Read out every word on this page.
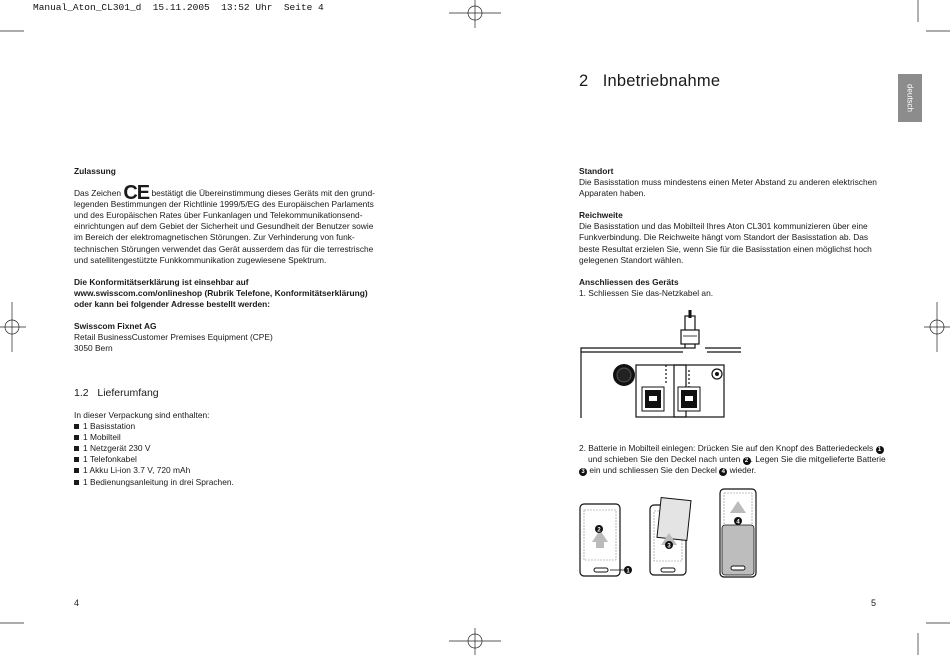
Manual_Aton_CL301_d  15.11.2005  13:52 Uhr  Seite 4
deutsch
Zulassung
Das Zeichen CE bestätigt die Übereinstimmung dieses Geräts mit den grund-
legenden Bestimmungen der Richtlinie 1999/5/EG des Europäischen Parlaments
und des Europäischen Rates über Funkanlagen und Telekommunikationsend-
einrichtungen auf dem Gebiet der Sicherheit und Gesundheit der Benutzer sowie
im Bereich der elektromagnetischen Störungen. Zur Verhinderung von funk-
technischen Störungen verwendet das Gerät ausserdem das für die terrestrische
und satellitengestützte Funkkommunikation zugewiesene Spektrum.
Die Konformitätserklärung ist einsehbar auf
www.swisscom.com/onlineshop (Rubrik Telefone, Konformitätserklärung)
oder kann bei folgender Adresse bestellt werden:
Swisscom Fixnet AG
Retail BusinessCustomer Premises Equipment (CPE)
3050 Bern
1.2   Lieferumfang
In dieser Verpackung sind enthalten:
1 Basisstation
1 Mobilteil
1 Netzgerät 230 V
1 Telefonkabel
1 Akku Li-ion 3.7 V, 720 mAh
1 Bedienungsanleitung in drei Sprachen.
4
2   Inbetriebnahme
Standort
Die Basisstation muss mindestens einen Meter Abstand zu anderen elektrischen
Apparaten haben.
Reichweite
Die Basisstation und das Mobilteil Ihres Aton CL301 kommunizieren über eine
Funkverbindung. Die Reichweite hängt vom Standort der Basisstation ab. Das
beste Resultat erzielen Sie, wenn Sie für die Basisstation einen möglichst hoch
gelegenen Standort wählen.
Anschliessen des Geräts
1. Schliessen Sie das-Netzkabel an.
2. Batterie in Mobilteil einlegen: Drücken Sie auf den Knopf des Batteriedeckels 1
und schieben Sie den Deckel nach unten 2 . Legen Sie die mitgelieferte Batterie
3 ein und schliessen Sie den Deckel 4 wieder.
2
1
3
4
5
